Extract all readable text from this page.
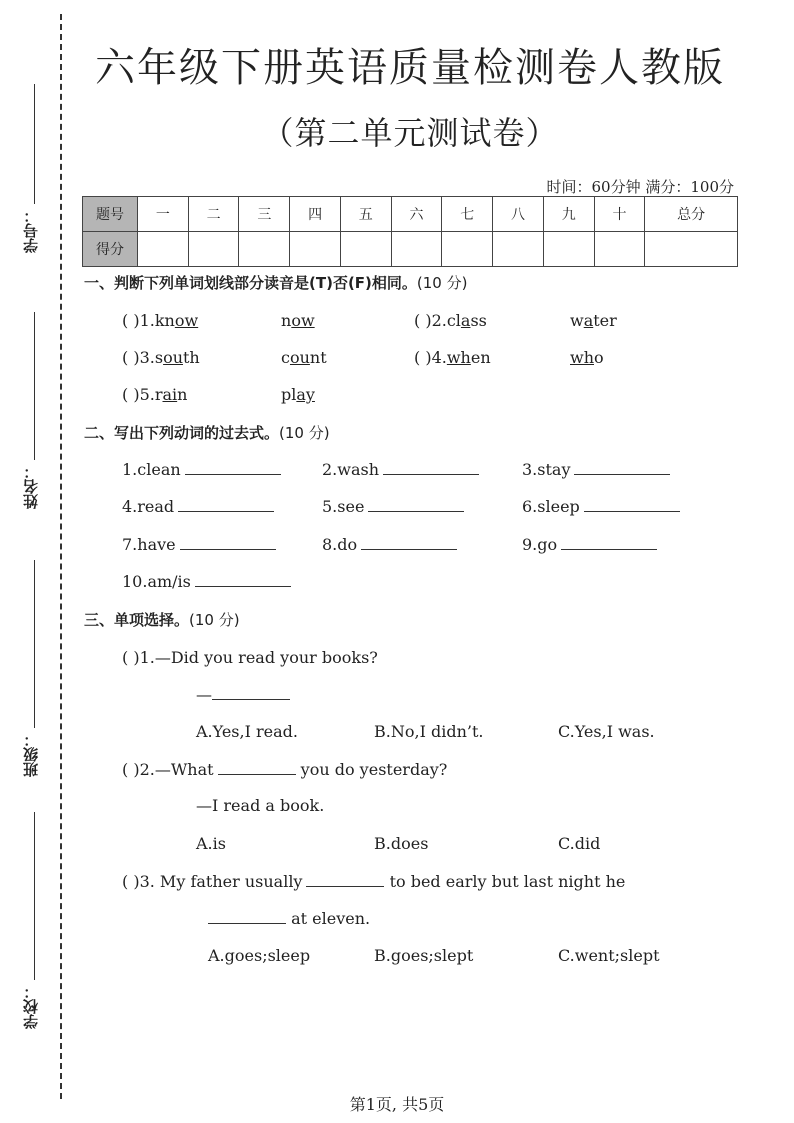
学号：
姓名：
班级：
学校：
六年级下册英语质量检测卷人教版
（第二单元测试卷）
时间：60分钟 满分：100分
题号	一	二	三	四	五	六	七	八	九	十	总分
得分											
一、判断下列单词划线部分读音是(T)否(F)相同。(10 分)
( )1.know	now	( )2.class	water
( )3.south	count	( )4.when	who
( )5.rain	play
二、写出下列动词的过去式。(10 分)
1.clean	2.wash	3.stay
4.read	5.see	6.sleep
7.have	8.do	9.go
10.am/is
三、单项选择。(10 分)
( )1.—Did you read your books?
—
A.Yes,I read.	B.No,I didn’t.	C.Yes,I was.
( )2.—What	you do yesterday?
—I read a book.
A.is	B.does	C.did
( )3. My father usually	to bed early but last night he
at eleven.
A.goes;sleep	B.goes;slept	C.went;slept
第1页, 共5页
